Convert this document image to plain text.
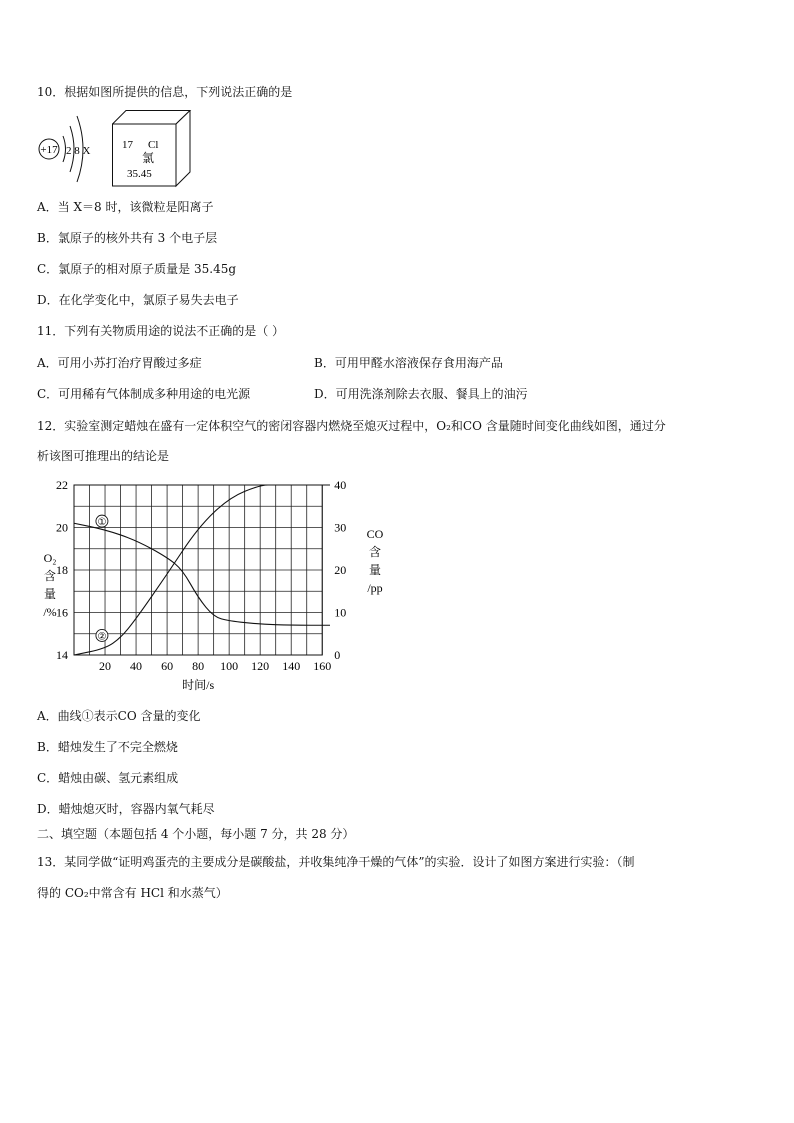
10．根据如图所提供的信息，下列说法正确的是
+17 2 8 X	17 Cl
氯
35.45
A．当 X＝8 时，该微粒是阳离子
B．氯原子的核外共有 3 个电子层
C．氯原子的相对原子质量是 35.45g
D．在化学变化中，氯原子易失去电子
11．下列有关物质用途的说法不正确的是（ ）
A．可用小苏打治疗胃酸过多症	B．可用甲醛水溶液保存食用海产品
C．可用稀有气体制成多种用途的电光源	D．可用洗涤剂除去衣服、餐具上的油污
12．实验室测定蜡烛在盛有一定体积空气的密闭容器内燃烧至熄灭过程中，O₂和CO 含量随时间变化曲线如图，通过分
析该图可推理出的结论是
20 40 60 80 100 120 140 160
14
16
18
20
22
0
10
20
30
40
①
②
O₂
含
量
/%
CO
含
量
/pp
时间/s
A．曲线①表示CO 含量的变化
B．蜡烛发生了不完全燃烧
C．蜡烛由碳、氢元素组成
D．蜡烛熄灭时，容器内氧气耗尽
二、填空题（本题包括 4 个小题，每小题 7 分，共 28 分）
13．某同学做“证明鸡蛋壳的主要成分是碳酸盐，并收集纯净干燥的气体”的实验．设计了如图方案进行实验：（制
得的 CO₂中常含有 HCl 和水蒸气）
